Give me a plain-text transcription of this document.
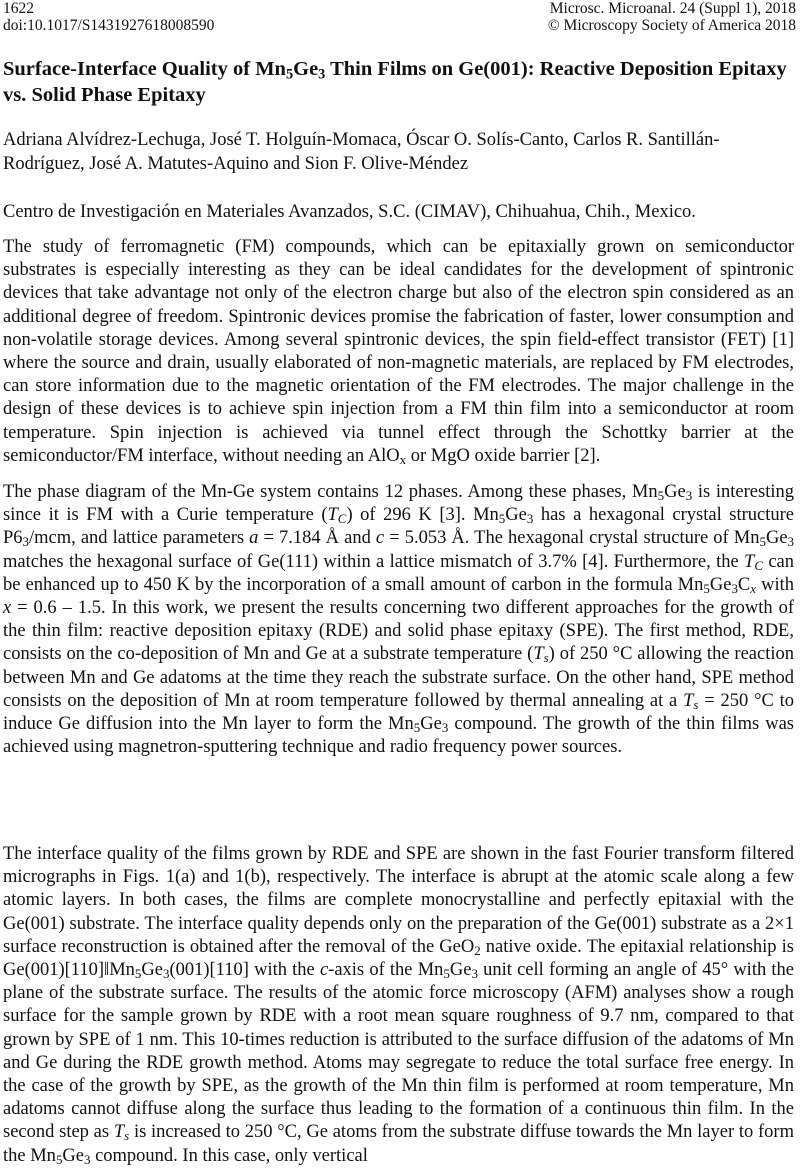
1622
doi:10.1017/S1431927618008590
Microsc. Microanal. 24 (Suppl 1), 2018
© Microscopy Society of America 2018
Surface-Interface Quality of $Mn_5Ge_3$ Thin Films on Ge(001): Reactive Deposition Epitaxy vs. Solid Phase Epitaxy
Adriana Alvídrez-Lechuga, José T. Holguín-Momaca, Óscar O. Solís-Canto, Carlos R. Santillán-Rodríguez, José A. Matutes-Aquino and Sion F. Olive-Méndez
Centro de Investigación en Materiales Avanzados, S.C. (CIMAV), Chihuahua, Chih., Mexico.

The study of ferromagnetic (FM) compounds, which can be epitaxially grown on semiconductor substrates is especially interesting as they can be ideal candidates for the development of spintronic devices that take advantage not only of the electron charge but also of the electron spin considered as an additional degree of freedom. Spintronic devices promise the fabrication of faster, lower consumption and non-volatile storage devices. Among several spintronic devices, the spin field-effect transistor (FET) [1] where the source and drain, usually elaborated of non-magnetic materials, are replaced by FM electrodes, can store information due to the magnetic orientation of the FM electrodes. The major challenge in the design of these devices is to achieve spin injection from a FM thin film into a semiconductor at room temperature. Spin injection is achieved via tunnel effect through the Schottky barrier at the semiconductor/FM interface, without needing an AlO$_x$ or MgO oxide barrier [2].

The phase diagram of the Mn-Ge system contains 12 phases. Among these phases, $Mn_5Ge_3$ is interesting since it is FM with a Curie temperature $(T_C)$ of 296 K [3]. $Mn_5Ge_3$ has a hexagonal crystal structure $P6_3$/mcm, and lattice parameters a = 7.184 Å and c = 5.053 Å. The hexagonal crystal structure of $Mn_5Ge_3$ matches the hexagonal surface of Ge(111) within a lattice mismatch of 3.7% [4]. Furthermore, the $T_C$ can be enhanced up to 450 K by the incorporation of a small amount of carbon in the formula $Mn_5Ge_3C_x$ with x = 0.6 – 1.5. In this work, we present the results concerning two different approaches for the growth of the thin film: reactive deposition epitaxy (RDE) and solid phase epitaxy (SPE). The first method, RDE, consists on the co-deposition of Mn and Ge at a substrate temperature $(T_s)$ of 250 °C allowing the reaction between Mn and Ge adatoms at the time they reach the substrate surface. On the other hand, SPE method consists on the deposition of Mn at room temperature followed by thermal annealing at a $T_s = 250$ °C to induce Ge diffusion into the Mn layer to form the $Mn_5Ge_3$ compound. The growth of the thin films was achieved using magnetron-sputtering technique and radio frequency power sources.

The interface quality of the films grown by RDE and SPE are shown in the fast Fourier transform filtered micrographs in Figs. 1(a) and 1(b), respectively. The interface is abrupt at the atomic scale along a few atomic layers. In both cases, the films are complete monocrystalline and perfectly epitaxial with the Ge(001) substrate. The interface quality depends only on the preparation of the Ge(001) substrate as a 2×1 surface reconstruction is obtained after the removal of the GeO$_2$ native oxide. The epitaxial relationship is $Ge(001)[110]‖Mn_5Ge_3(001)[110]$ with the c-axis of the $Mn_5Ge_3$ unit cell forming an angle of 45° with the plane of the substrate surface. The results of the atomic force microscopy (AFM) analyses show a rough surface for the sample grown by RDE with a root mean square roughness of 9.7 nm, compared to that grown by SPE of 1 nm. This 10-times reduction is attributed to the surface diffusion of the adatoms of Mn and Ge during the RDE growth method. Atoms may segregate to reduce the total surface free energy. In the case of the growth by SPE, as the growth of the Mn thin film is performed at room temperature, Mn adatoms cannot diffuse along the surface thus leading to the formation of a continuous thin film. In the second step as $T_s$ is increased to 250 °C, Ge atoms from the substrate diffuse towards the Mn layer to form the $Mn_5Ge_3$ compound. In this case, only vertical
